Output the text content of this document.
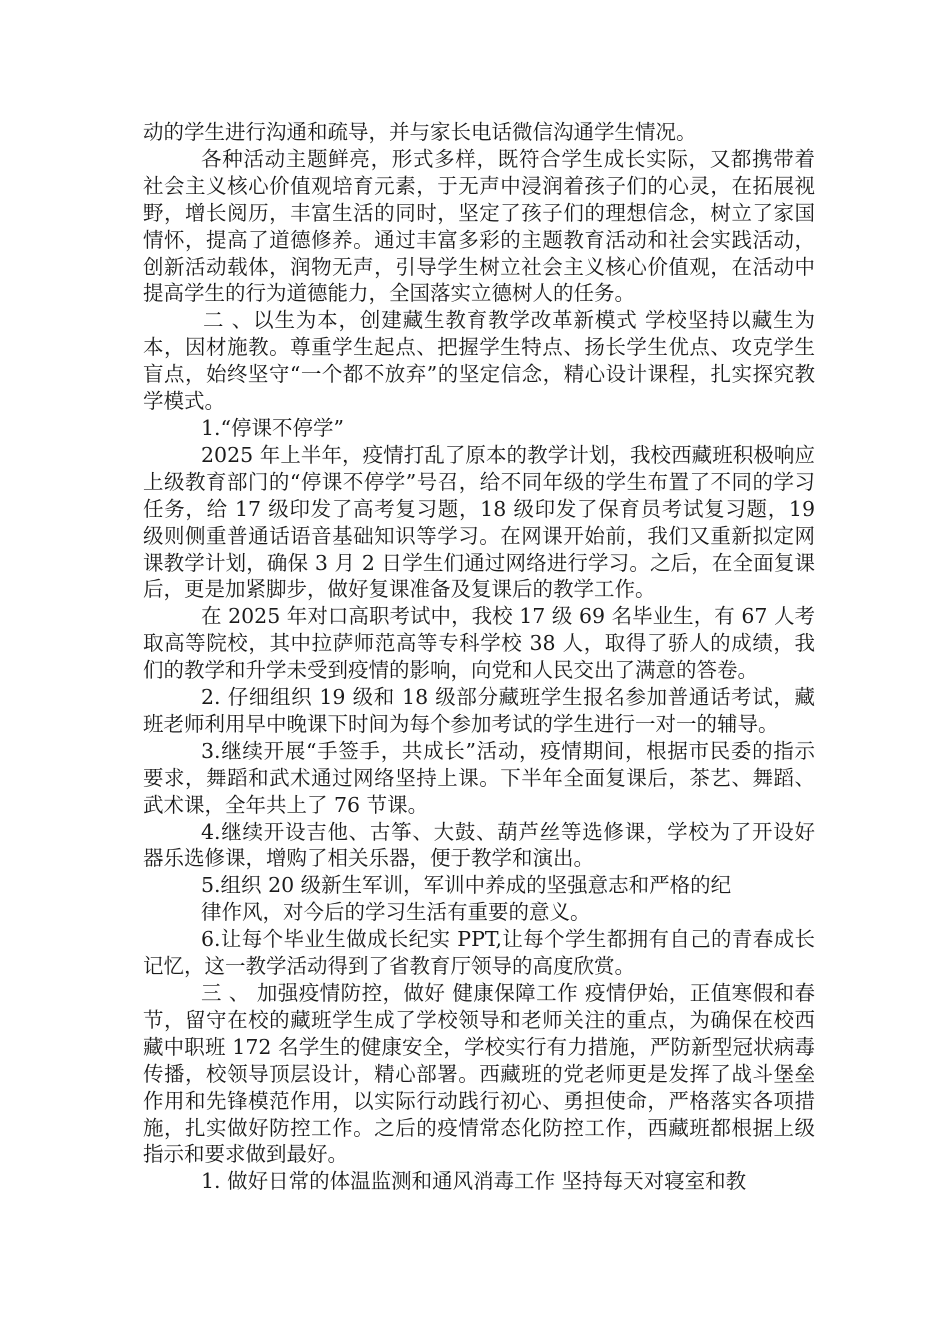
动的学生进行沟通和疏导，并与家长电话微信沟通学生情况。

各种活动主题鲜亮，形式多样，既符合学生成长实际，又都携带着社会主义核心价值观培育元素，于无声中浸润着孩子们的心灵，在拓展视野，增长阅历，丰富生活的同时，坚定了孩子们的理想信念，树立了家国情怀，提高了道德修养。通过丰富多彩的主题教育活动和社会实践活动，创新活动载体，润物无声，引导学生树立社会主义核心价值观，在活动中提高学生的行为道德能力，全国落实立德树人的任务。

二 、以生为本，创建藏生教育教学改革新模式 学校坚持以藏生为本，因材施教。尊重学生起点、把握学生特点、扬长学生优点、攻克学生盲点，始终坚守“一个都不放弃”的坚定信念，精心设计课程，扎实探究教学模式。

1.“停课不停学”

2025 年上半年，疫情打乱了原本的教学计划，我校西藏班积极响应上级教育部门的“停课不停学”号召，给不同年级的学生布置了不同的学习任务，给 17 级印发了高考复习题，18 级印发了保育员考试复习题，19 级则侧重普通话语音基础知识等学习。在网课开始前，我们又重新拟定网课教学计划，确保 3 月 2 日学生们通过网络进行学习。之后，在全面复课后，更是加紧脚步，做好复课准备及复课后的教学工作。

在 2025 年对口高职考试中，我校 17 级 69 名毕业生，有 67 人考取高等院校，其中拉萨师范高等专科学校 38 人，取得了骄人的成绩，我们的教学和升学未受到疫情的影响，向党和人民交出了满意的答卷。

2. 仔细组织 19 级和 18 级部分藏班学生报名参加普通话考试，藏班老师利用早中晚课下时间为每个参加考试的学生进行一对一的辅导。

3.继续开展“手签手，共成长”活动，疫情期间，根据市民委的指示要求，舞蹈和武术通过网络坚持上课。下半年全面复课后，茶艺、舞蹈、武术课，全年共上了 76 节课。

4.继续开设吉他、古筝、大鼓、葫芦丝等选修课，学校为了开设好器乐选修课，增购了相关乐器，便于教学和演出。

5.组织 20 级新生军训，军训中养成的坚强意志和严格的纪

律作风，对今后的学习生活有重要的意义。

6.让每个毕业生做成长纪实 PPT,让每个学生都拥有自己的青春成长记忆，这一教学活动得到了省教育厅领导的高度欣赏。

三 、 加强疫情防控，做好 健康保障工作 疫情伊始，正值寒假和春节，留守在校的藏班学生成了学校领导和老师关注的重点，为确保在校西藏中职班 172 名学生的健康安全，学校实行有力措施，严防新型冠状病毒传播，校领导顶层设计，精心部署。西藏班的党老师更是发挥了战斗堡垒作用和先锋模范作用，以实际行动践行初心、勇担使命，严格落实各项措施，扎实做好防控工作。之后的疫情常态化防控工作，西藏班都根据上级指示和要求做到最好。

1. 做好日常的体温监测和通风消毒工作 坚持每天对寝室和教
